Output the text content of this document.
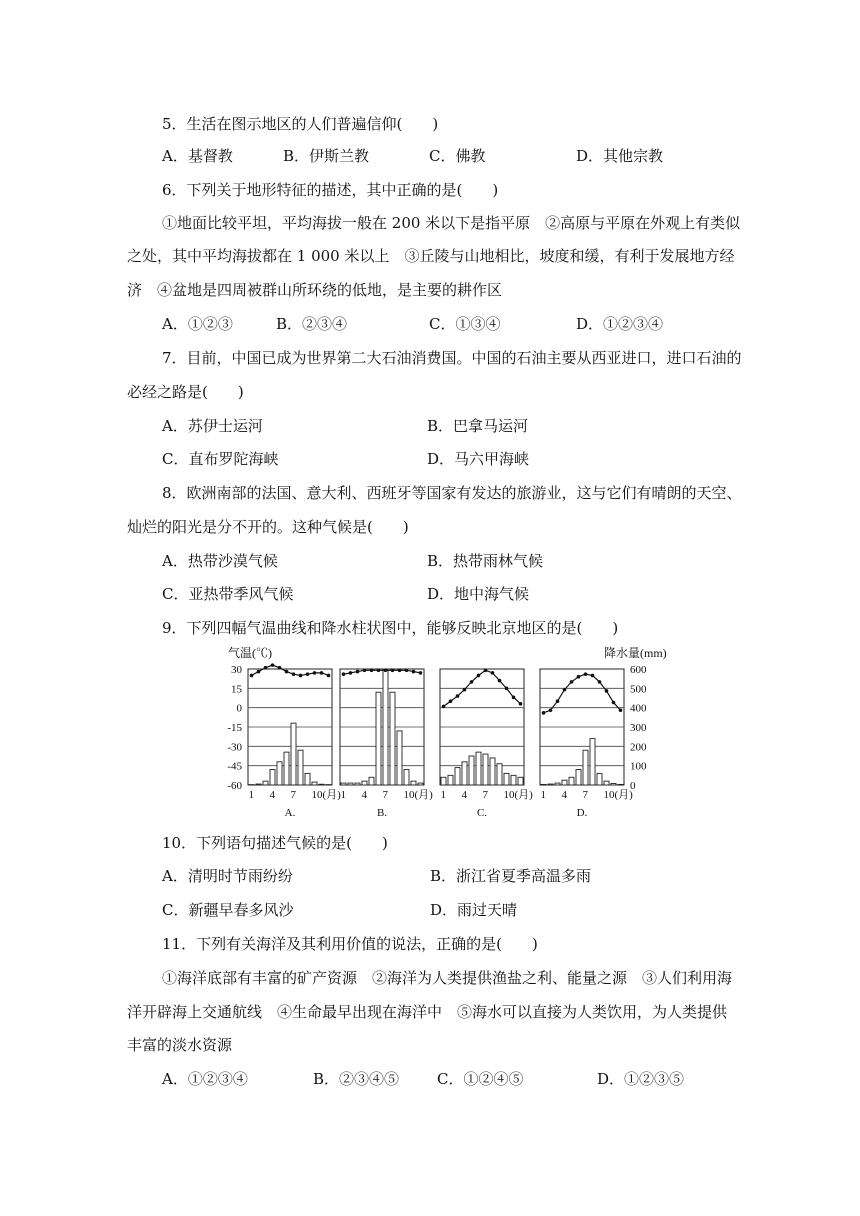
5．生活在图示地区的人们普遍信仰(　　)
A．基督教	B．伊斯兰教	C．佛教	D．其他宗教
6．下列关于地形特征的描述，其中正确的是(　　)
①地面比较平坦，平均海拔一般在 200 米以下是指平原　②高原与平原在外观上有类似
之处，其中平均海拔都在 1 000 米以上　③丘陵与山地相比，坡度和缓，有利于发展地方经
济　④盆地是四周被群山所环绕的低地，是主要的耕作区
A．①②③	B．②③④	C．①③④	D．①②③④
7．目前，中国已成为世界第二大石油消费国。中国的石油主要从西亚进口，进口石油的
必经之路是(　　)
A．苏伊士运河	B．巴拿马运河
C．直布罗陀海峡	D．马六甲海峡
8．欧洲南部的法国、意大利、西班牙等国家有发达的旅游业，这与它们有晴朗的天空、
灿烂的阳光是分不开的。这种气候是(　　)
A．热带沙漠气候	B．热带雨林气候
C．亚热带季风气候	D．地中海气候
9．下列四幅气温曲线和降水柱状图中，能够反映北京地区的是(　　)
气温(℃)	降水量(mm)
30
15
0
-15
-30
-45
-60
600
500
400
300
200
100
0
1 4 7 10(月)
A.
1 4 7 10(月)
B.
1 4 7 10(月)
C.
1 4 7 10(月)
D.
10．下列语句描述气候的是(　　)
A．清明时节雨纷纷	B．浙江省夏季高温多雨
C．新疆早春多风沙	D．雨过天晴
11．下列有关海洋及其利用价值的说法，正确的是(　　)
①海洋底部有丰富的矿产资源　②海洋为人类提供渔盐之利、能量之源　③人们利用海
洋开辟海上交通航线　④生命最早出现在海洋中　⑤海水可以直接为人类饮用，为人类提供
丰富的淡水资源
A．①②③④	B．②③④⑤	C．①②④⑤	D．①②③⑤
